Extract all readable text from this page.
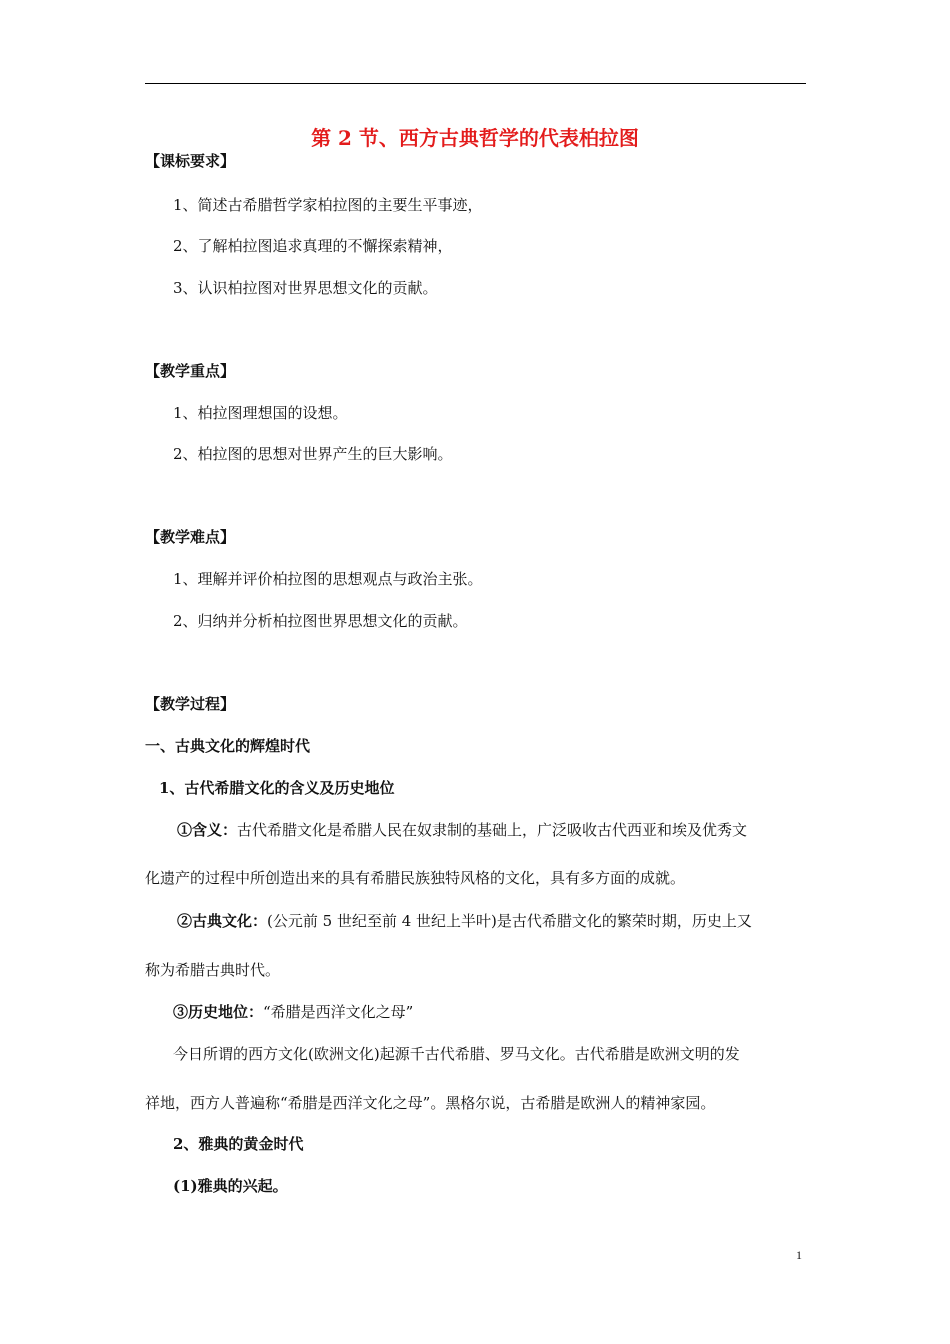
第 2 节、西方古典哲学的代表柏拉图
【课标要求】
1、简述古希腊哲学家柏拉图的主要生平事迹，
2、了解柏拉图追求真理的不懈探索精神，
3、认识柏拉图对世界思想文化的贡献。
【教学重点】
1、柏拉图理想国的设想。
2、柏拉图的思想对世界产生的巨大影响。
【教学难点】
1、理解并评价柏拉图的思想观点与政治主张。
2、归纳并分析柏拉图世界思想文化的贡献。
【教学过程】
一、古典文化的辉煌时代
1、古代希腊文化的含义及历史地位
①含义：古代希腊文化是希腊人民在奴隶制的基础上，广泛吸收古代西亚和埃及优秀文
化遗产的过程中所创造出来的具有希腊民族独特风格的文化，具有多方面的成就。
②古典文化：(公元前 5 世纪至前 4 世纪上半叶)是古代希腊文化的繁荣时期，历史上又
称为希腊古典时代。
③历史地位：“希腊是西洋文化之母”
今日所谓的西方文化(欧洲文化)起源千古代希腊、罗马文化。古代希腊是欧洲文明的发
祥地，西方人普遍称“希腊是西洋文化之母”。黑格尔说，古希腊是欧洲人的精神家园。
2、雅典的黄金时代
(1)雅典的兴起。
1
